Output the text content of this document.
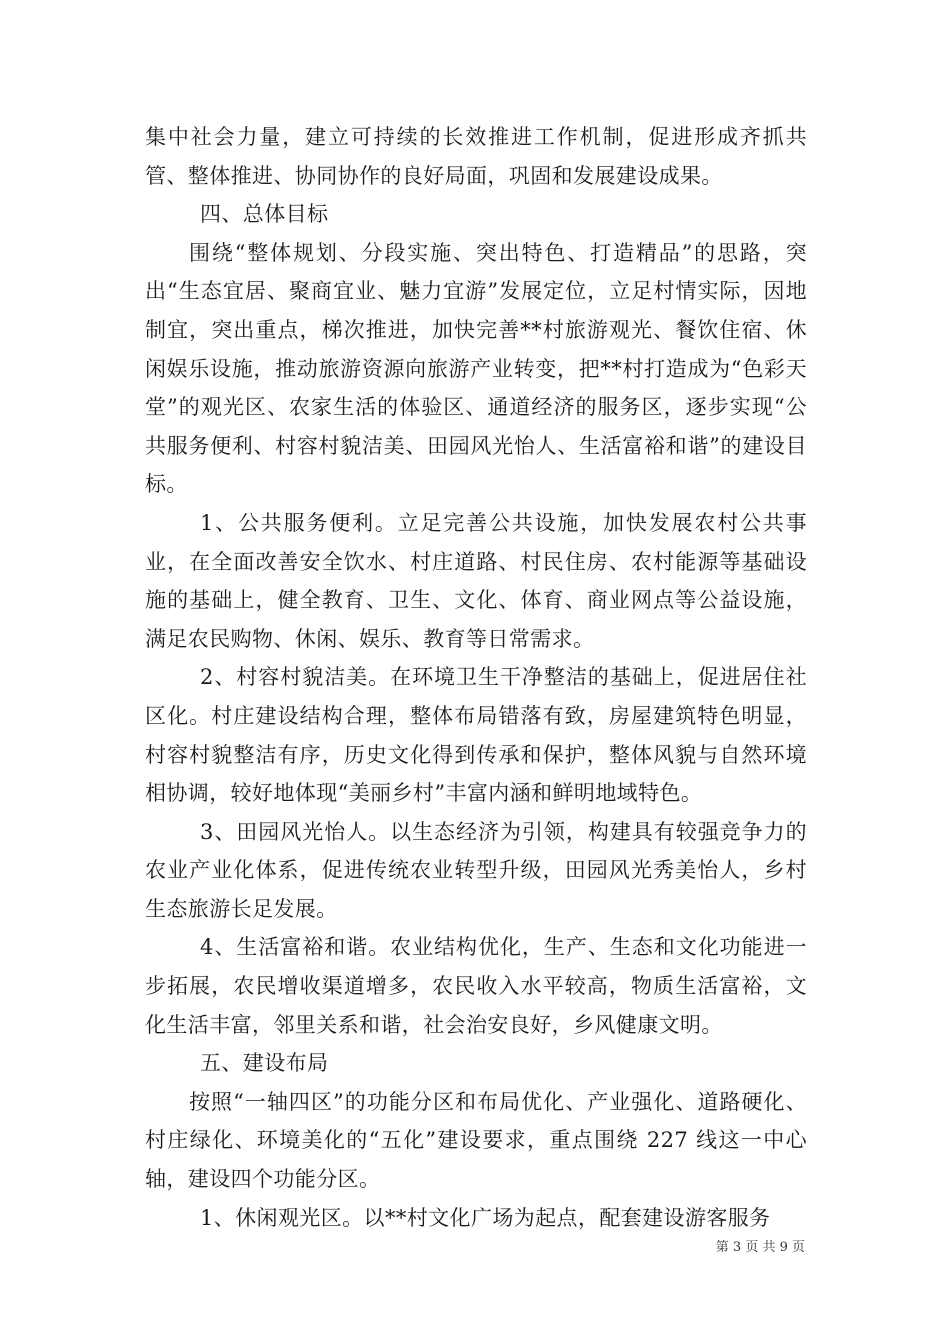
集中社会力量，建立可持续的长效推进工作机制，促进形成齐抓共管、整体推进、协同协作的良好局面，巩固和发展建设成果。

四、总体目标

围绕“整体规划、分段实施、突出特色、打造精品”的思路，突出“生态宜居、聚商宜业、魅力宜游”发展定位，立足村情实际，因地制宜，突出重点，梯次推进，加快完善**村旅游观光、餐饮住宿、休闲娱乐设施，推动旅游资源向旅游产业转变，把**村打造成为“色彩天堂”的观光区、农家生活的体验区、通道经济的服务区，逐步实现“公共服务便利、村容村貌洁美、田园风光怡人、生活富裕和谐”的建设目标。

1、公共服务便利。立足完善公共设施，加快发展农村公共事业，在全面改善安全饮水、村庄道路、村民住房、农村能源等基础设施的基础上，健全教育、卫生、文化、体育、商业网点等公益设施，满足农民购物、休闲、娱乐、教育等日常需求。

2、村容村貌洁美。在环境卫生干净整洁的基础上，促进居住社区化。村庄建设结构合理，整体布局错落有致，房屋建筑特色明显，村容村貌整洁有序，历史文化得到传承和保护，整体风貌与自然环境相协调，较好地体现“美丽乡村”丰富内涵和鲜明地域特色。

3、田园风光怡人。以生态经济为引领，构建具有较强竞争力的农业产业化体系，促进传统农业转型升级，田园风光秀美怡人，乡村生态旅游长足发展。

4、生活富裕和谐。农业结构优化，生产、生态和文化功能进一步拓展，农民增收渠道增多，农民收入水平较高，物质生活富裕，文化生活丰富，邻里关系和谐，社会治安良好，乡风健康文明。

五、建设布局

按照“一轴四区”的功能分区和布局优化、产业强化、道路硬化、村庄绿化、环境美化的“五化”建设要求，重点围绕 227 线这一中心轴，建设四个功能分区。

1、休闲观光区。以**村文化广场为起点，配套建设游客服务

第 3 页 共 9 页
